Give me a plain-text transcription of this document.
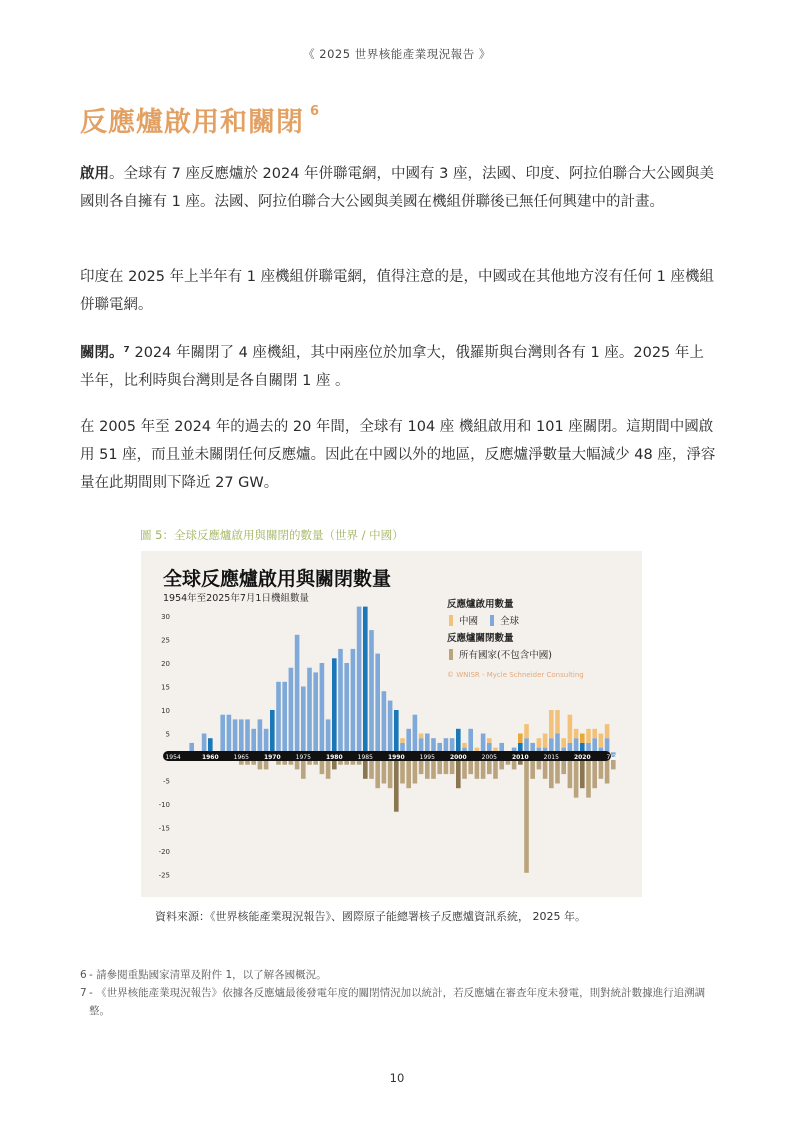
《 2025 世界核能產業現況報告 》
反應爐啟用和關閉 $^6$
啟用。全球有 7 座反應爐於 2024 年併聯電網，中國有 3 座，法國、印度、阿拉伯聯合大公國與美國則各自擁有 1 座。法國、阿拉伯聯合大公國與美國在機組併聯後已無任何興建中的計畫。
印度在 2025 年上半年有 1 座機組併聯電網，值得注意的是，中國或在其他地方沒有任何 1 座機組併聯電網。
關閉。⁷ 2024 年關閉了 4 座機組，其中兩座位於加拿大，俄羅斯與台灣則各有 1 座。2025 年上半年，比利時與台灣則是各自關閉 1 座 。
在 2005 年至 2024 年的過去的 20 年間，全球有 104 座 機組啟用和 101 座關閉。這期間中國啟用 51 座，而且並未關閉任何反應爐。因此在中國以外的地區，反應爐淨數量大幅減少 48 座，淨容量在此期間則下降近 27 GW。
圖 5：全球反應爐啟用與關閉的數量（世界 / 中國）
全球反應爐啟用與關閉數量
1954年至2025年7月1日機組數量
30
25
20
15
10
5
-5
-10
-15
-20
-25
1954	1960	1965	1970	1975	1980	1985	1990	1995	2000	2005	2010	2015	2020	7/25
反應爐啟用數量
中國 全球
反應爐關閉數量
所有國家(不包含中國)
© WNISR - Mycle Schneider Consulting
資料來源：《世界核能產業現況報告》、國際原子能總署核子反應爐資訊系統， 2025 年。
6 - 請參閱重點國家清單及附件 1，以了解各國概況。
7 - 《世界核能產業現況報告》依據各反應爐最後發電年度的關閉情況加以統計，若反應爐在審查年度未發電，則對統計數據進行追溯調整。
10
